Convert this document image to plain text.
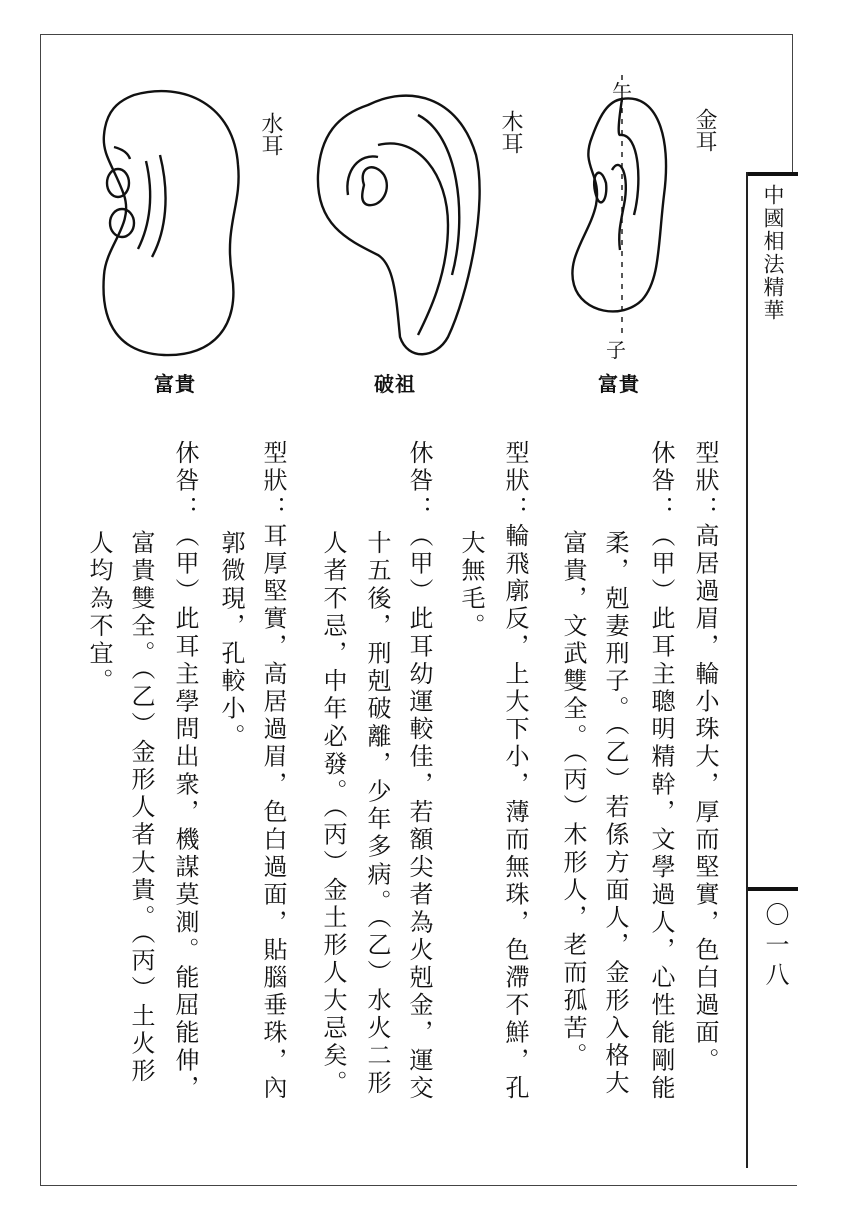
中國相法精華
〇一八
午
子
金耳
富貴
木耳
破祖
水耳
富貴
型狀：高居過眉，輪小珠大，厚而堅實，色白過面。
休咎：（甲）此耳主聰明精幹，文學過人，心性能剛能
柔，剋妻刑子。（乙）若係方面人，金形入格大
富貴，文武雙全。（丙）木形人，老而孤苦。
型狀：輪飛廓反，上大下小，薄而無珠，色滯不鮮，孔
大無毛。
休咎：（甲）此耳幼運較佳，若額尖者為火剋金，運交
十五後，刑剋破離，少年多病。（乙）水火二形
人者不忌，中年必發。（丙）金土形人大忌矣。
型狀：耳厚堅實，高居過眉，色白過面，貼腦垂珠，內
郭微現，孔較小。
休咎：（甲）此耳主學問出衆，機謀莫測。能屈能伸，
富貴雙全。（乙）金形人者大貴。（丙）土火形
人均為不宜。
